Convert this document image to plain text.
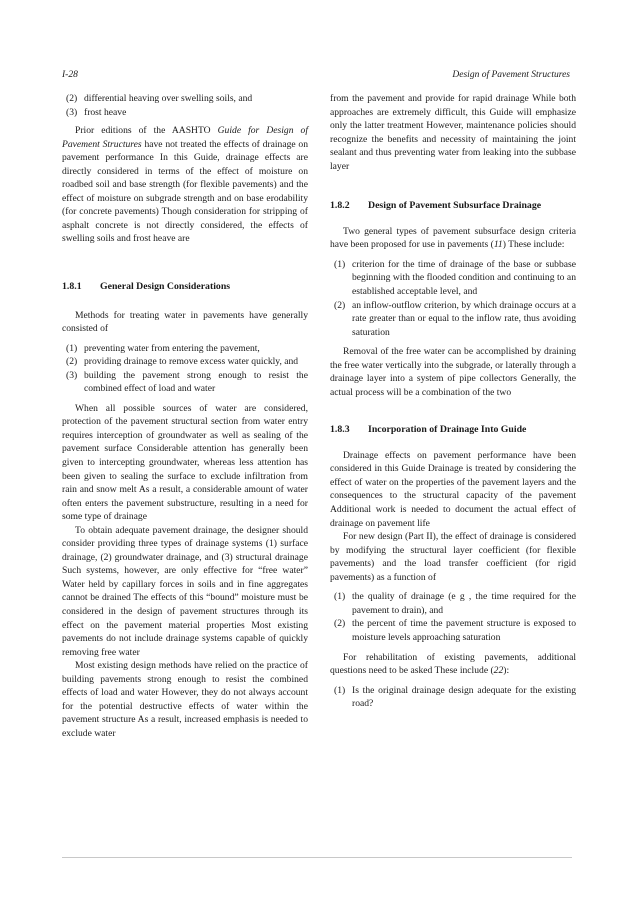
I-28	Design of Pavement Structures
(2) differential heaving over swelling soils, and
(3) frost heave

Prior editions of the AASHTO Guide for Design of Pavement Structures have not treated the effects of drainage on pavement performance In this Guide, drainage effects are directly considered in terms of the effect of moisture on roadbed soil and base strength (for flexible pavements) and the effect of moisture on subgrade strength and on base erodability (for concrete pavements) Though consideration for stripping of asphalt concrete is not directly considered, the effects of swelling soils and frost heave are

1.8.1 General Design Considerations

Methods for treating water in pavements have generally consisted of

(1) preventing water from entering the pavement,
(2) providing drainage to remove excess water quickly, and
(3) building the pavement strong enough to resist the combined effect of load and water

When all possible sources of water are considered, protection of the pavement structural section from water entry requires interception of groundwater as well as sealing of the pavement surface Considerable attention has generally been given to intercepting groundwater, whereas less attention has been given to sealing the surface to exclude infiltration from rain and snow melt As a result, a considerable amount of water often enters the pavement substructure, resulting in a need for some type of drainage

To obtain adequate pavement drainage, the designer should consider providing three types of drainage systems (1) surface drainage, (2) groundwater drainage, and (3) structural drainage Such systems, however, are only effective for “free water” Water held by capillary forces in soils and in fine aggregates cannot be drained The effects of this “bound” moisture must be considered in the design of pavement structures through its effect on the pavement material properties Most existing pavements do not include drainage systems capable of quickly removing free water

Most existing design methods have relied on the practice of building pavements strong enough to resist the combined effects of load and water However, they do not always account for the potential destructive effects of water within the pavement structure As a result, increased emphasis is needed to exclude water

from the pavement and provide for rapid drainage While both approaches are extremely difficult, this Guide will emphasize only the latter treatment However, maintenance policies should recognize the benefits and necessity of maintaining the joint sealant and thus preventing water from leaking into the subbase layer

1.8.2 Design of Pavement Subsurface Drainage

Two general types of pavement subsurface design criteria have been proposed for use in pavements (11) These include:

(1) criterion for the time of drainage of the base or subbase beginning with the flooded condition and continuing to an established acceptable level, and
(2) an inflow-outflow criterion, by which drainage occurs at a rate greater than or equal to the inflow rate, thus avoiding saturation

Removal of the free water can be accomplished by draining the free water vertically into the subgrade, or laterally through a drainage layer into a system of pipe collectors Generally, the actual process will be a combination of the two

1.8.3 Incorporation of Drainage Into Guide

Drainage effects on pavement performance have been considered in this Guide Drainage is treated by considering the effect of water on the properties of the pavement layers and the consequences to the structural capacity of the pavement Additional work is needed to document the actual effect of drainage on pavement life

For new design (Part II), the effect of drainage is considered by modifying the structural layer coefficient (for flexible pavements) and the load transfer coefficient (for rigid pavements) as a function of

(1) the quality of drainage (e g , the time required for the pavement to drain), and
(2) the percent of time the pavement structure is exposed to moisture levels approaching saturation

For rehabilitation of existing pavements, additional questions need to be asked These include (22):

(1) Is the original drainage design adequate for the existing road?
